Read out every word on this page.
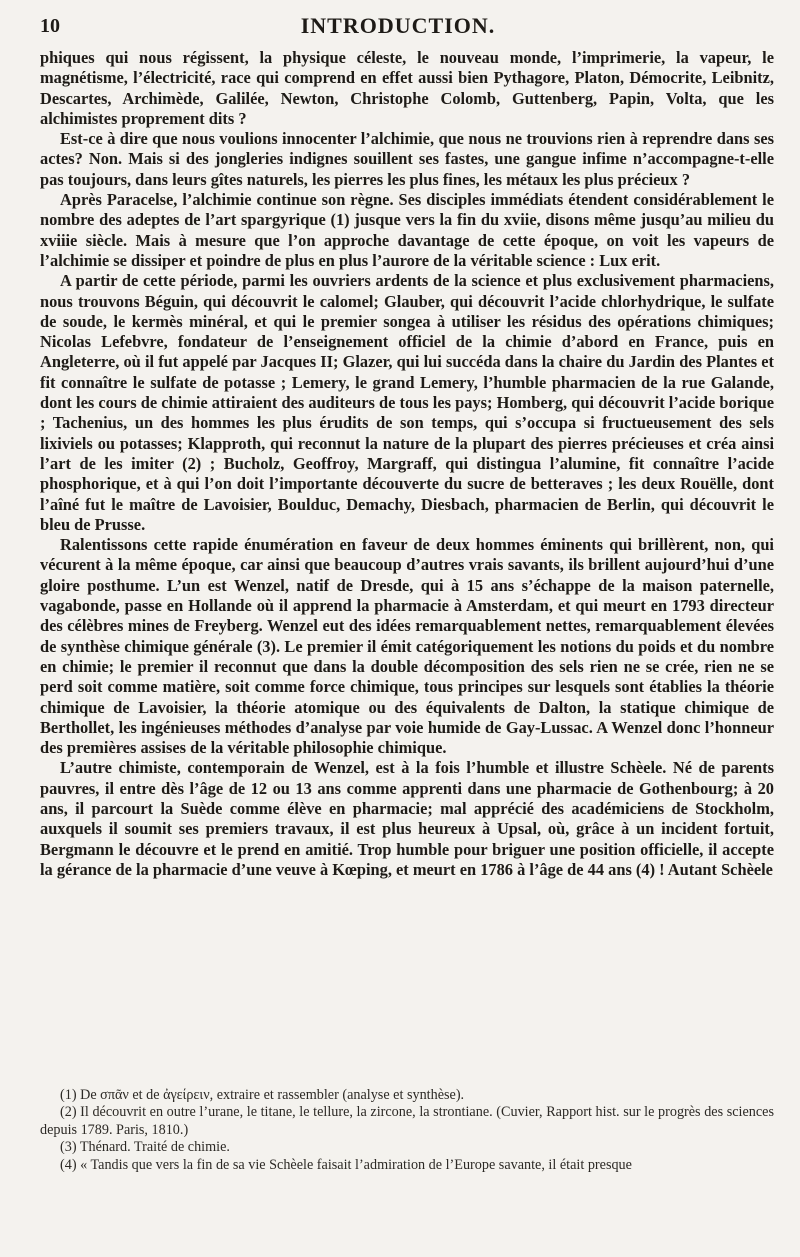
10	INTRODUCTION.

phiques qui nous régissent, la physique céleste, le nouveau monde, l’imprimerie, la vapeur, le magnétisme, l’électricité, race qui comprend en effet aussi bien Pythagore, Platon, Démocrite, Leibnitz, Descartes, Archimède, Galilée, Newton, Christophe Colomb, Guttenberg, Papin, Volta, que les alchimistes proprement dits ?

Est-ce à dire que nous voulions innocenter l’alchimie, que nous ne trouvions rien à reprendre dans ses actes? Non. Mais si des jongleries indignes souillent ses fastes, une gangue infime n’accompagne-t-elle pas toujours, dans leurs gîtes naturels, les pierres les plus fines, les métaux les plus précieux ?

Après Paracelse, l’alchimie continue son règne. Ses disciples immédiats étendent considérablement le nombre des adeptes de l’art spargyrique (1) jusque vers la fin du xviie, disons même jusqu’au milieu du xviiie siècle. Mais à mesure que l’on approche davantage de cette époque, on voit les vapeurs de l’alchimie se dissiper et poindre de plus en plus l’aurore de la véritable science : Lux erit.

A partir de cette période, parmi les ouvriers ardents de la science et plus exclusivement pharmaciens, nous trouvons Béguin, qui découvrit le calomel; Glauber, qui découvrit l’acide chlorhydrique, le sulfate de soude, le kermès minéral, et qui le premier songea à utiliser les résidus des opérations chimiques; Nicolas Lefebvre, fondateur de l’enseignement officiel de la chimie d’abord en France, puis en Angleterre, où il fut appelé par Jacques II; Glazer, qui lui succéda dans la chaire du Jardin des Plantes et fit connaître le sulfate de potasse ; Lemery, le grand Lemery, l’humble pharmacien de la rue Galande, dont les cours de chimie attiraient des auditeurs de tous les pays; Homberg, qui découvrit l’acide borique ; Tachenius, un des hommes les plus érudits de son temps, qui s’occupa si fructueusement des sels lixiviels ou potasses; Klapproth, qui reconnut la nature de la plupart des pierres précieuses et créa ainsi l’art de les imiter (2) ; Bucholz, Geoffroy, Margraff, qui distingua l’alumine, fit connaître l’acide phosphorique, et à qui l’on doit l’importante découverte du sucre de betteraves ; les deux Rouëlle, dont l’aîné fut le maître de Lavoisier, Boulduc, Demachy, Diesbach, pharmacien de Berlin, qui découvrit le bleu de Prusse.

Ralentissons cette rapide énumération en faveur de deux hommes éminents qui brillèrent, non, qui vécurent à la même époque, car ainsi que beaucoup d’autres vrais savants, ils brillent aujourd’hui d’une gloire posthume. L’un est Wenzel, natif de Dresde, qui à 15 ans s’échappe de la maison paternelle, vagabonde, passe en Hollande où il apprend la pharmacie à Amsterdam, et qui meurt en 1793 directeur des célèbres mines de Freyberg. Wenzel eut des idées remarquablement nettes, remarquablement élevées de synthèse chimique générale (3). Le premier il émit catégoriquement les notions du poids et du nombre en chimie; le premier il reconnut que dans la double décomposition des sels rien ne se crée, rien ne se perd soit comme matière, soit comme force chimique, tous principes sur lesquels sont établies la théorie chimique de Lavoisier, la théorie atomique ou des équivalents de Dalton, la statique chimique de Berthollet, les ingénieuses méthodes d’analyse par voie humide de Gay-Lussac. A Wenzel donc l’honneur des premières assises de la véritable philosophie chimique.

L’autre chimiste, contemporain de Wenzel, est à la fois l’humble et illustre Schèele. Né de parents pauvres, il entre dès l’âge de 12 ou 13 ans comme apprenti dans une pharmacie de Gothenbourg; à 20 ans, il parcourt la Suède comme élève en pharmacie; mal apprécié des académiciens de Stockholm, auxquels il soumit ses premiers travaux, il est plus heureux à Upsal, où, grâce à un incident fortuit, Bergmann le découvre et le prend en amitié. Trop humble pour briguer une position officielle, il accepte la gérance de la pharmacie d’une veuve à Kœping, et meurt en 1786 à l’âge de 44 ans (4) ! Autant Schèele

(1) De σπᾶν et de ἀγείρειν, extraire et rassembler (analyse et synthèse).

(2) Il découvrit en outre l’urane, le titane, le tellure, la zircone, la strontiane. (Cuvier, Rapport hist. sur le progrès des sciences depuis 1789. Paris, 1810.)

(3) Thénard. Traité de chimie.

(4) « Tandis que vers la fin de sa vie Schèele faisait l’admiration de l’Europe savante, il était presque
